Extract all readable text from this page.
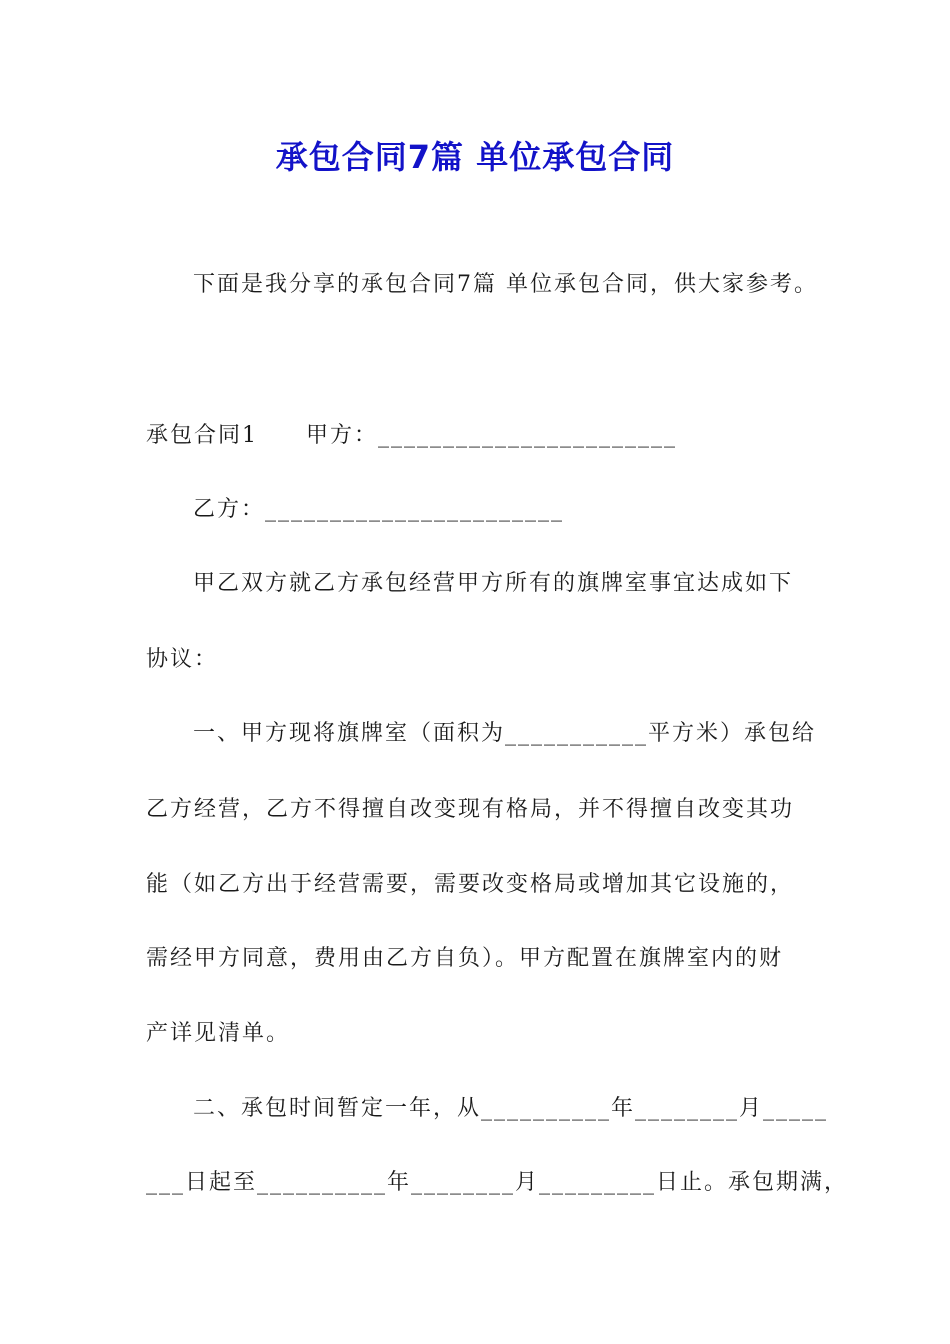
承包合同7篇 单位承包合同
下面是我分享的承包合同7篇 单位承包合同，供大家参考。
承包合同1　　甲方：_______________________
乙方：_______________________
甲乙双方就乙方承包经营甲方所有的旗牌室事宜达成如下
协议：
一、甲方现将旗牌室（面积为___________平方米）承包给
乙方经营，乙方不得擅自改变现有格局，并不得擅自改变其功
能（如乙方出于经营需要，需要改变格局或增加其它设施的，
需经甲方同意，费用由乙方自负）。甲方配置在旗牌室内的财
产详见清单。
二、承包时间暂定一年，从__________年________月_____
___日起至__________年________月_________日止。承包期满，
